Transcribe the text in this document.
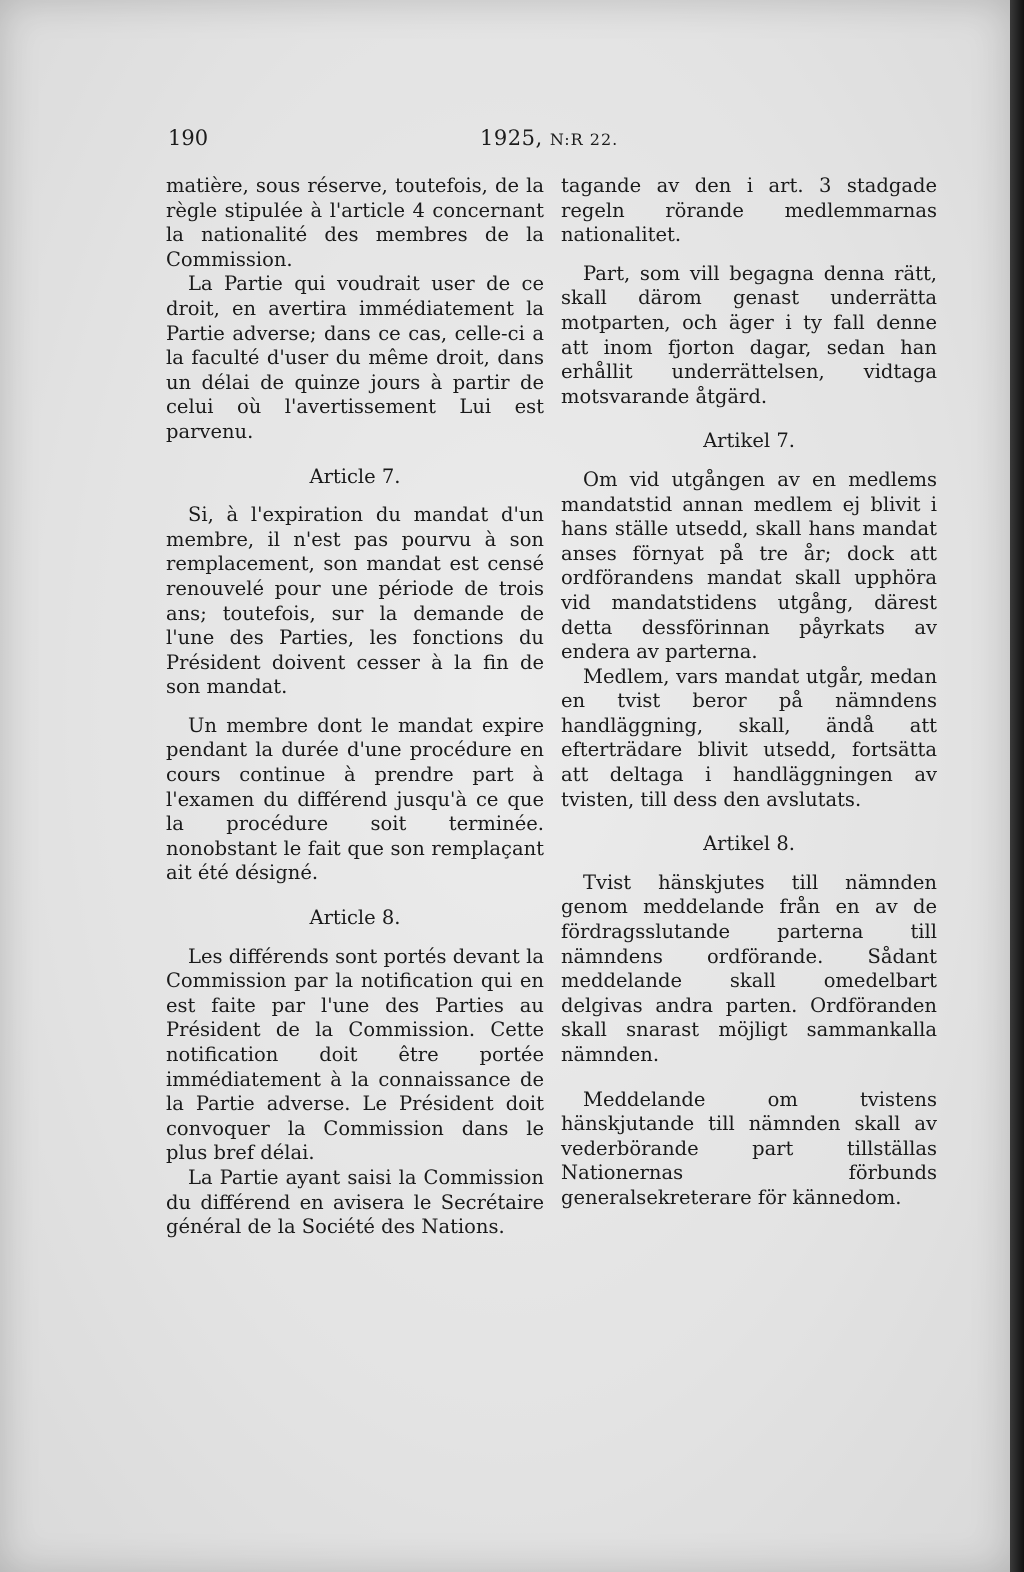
190	1925, N:R 22.

matière, sous réserve, toutefois, de la règle stipulée à l'article 4 concernant la nationalité des membres de la Commission.

La Partie qui voudrait user de ce droit, en avertira immédiatement la Partie adverse; dans ce cas, celle-ci a la faculté d'user du même droit, dans un délai de quinze jours à partir de celui où l'avertissement Lui est parvenu.

Article 7.

Si, à l'expiration du mandat d'un membre, il n'est pas pourvu à son remplacement, son mandat est censé renouvelé pour une période de trois ans; toutefois, sur la demande de l'une des Parties, les fonctions du Président doivent cesser à la fin de son mandat.

Un membre dont le mandat expire pendant la durée d'une procédure en cours continue à prendre part à l'examen du différend jusqu'à ce que la procédure soit terminée. nonobstant le fait que son remplaçant ait été désigné.

Article 8.

Les différends sont portés devant la Commission par la notification qui en est faite par l'une des Parties au Président de la Commission. Cette notification doit être portée immédiatement à la connaissance de la Partie adverse. Le Président doit convoquer la Commission dans le plus bref délai.

La Partie ayant saisi la Commission du différend en avisera le Secrétaire général de la Société des Nations.

tagande av den i art. 3 stadgade regeln rörande medlemmarnas nationalitet.

Part, som vill begagna denna rätt, skall därom genast underrätta motparten, och äger i ty fall denne att inom fjorton dagar, sedan han erhållit underrättelsen, vidtaga motsvarande åtgärd.

Artikel 7.

Om vid utgången av en medlems mandatstid annan medlem ej blivit i hans ställe utsedd, skall hans mandat anses förnyat på tre år; dock att ordförandens mandat skall upphöra vid mandatstidens utgång, därest detta dessförinnan påyrkats av endera av parterna.

Medlem, vars mandat utgår, medan en tvist beror på nämndens handläggning, skall, ändå att efterträdare blivit utsedd, fortsätta att deltaga i handläggningen av tvisten, till dess den avslutats.

Artikel 8.

Tvist hänskjutes till nämnden genom meddelande från en av de fördragsslutande parterna till nämndens ordförande. Sådant meddelande skall omedelbart delgivas andra parten. Ordföranden skall snarast möjligt sammankalla nämnden.

Meddelande om tvistens hänskjutande till nämnden skall av vederbörande part tillställas Nationernas förbunds generalsekreterare för kännedom.
